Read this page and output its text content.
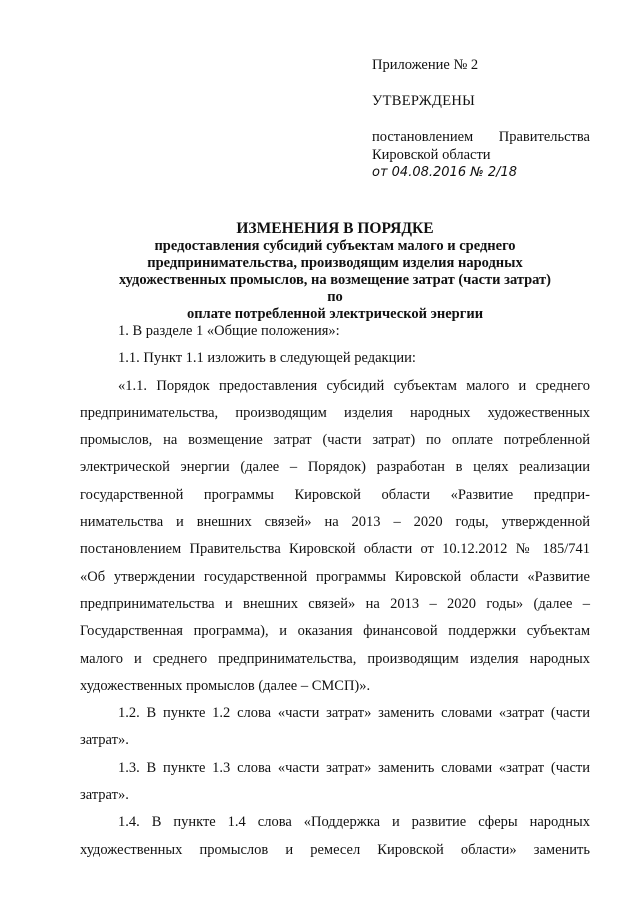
Приложение № 2

УТВЕРЖДЕНЫ

постановлением Правительства

Кировской области

от 04.08.2016 № 2/18

ИЗМЕНЕНИЯ В ПОРЯДКЕ
предоставления субсидий субъектам малого и среднего
предпринимательства, производящим изделия народных
художественных промыслов, на возмещение затрат (части затрат) по
оплате потребленной электрической энергии

1. В разделе 1 «Общие положения»:

1.1. Пункт 1.1 изложить в следующей редакции:

«1.1. Порядок предоставления субсидий субъектам малого и среднего
предпринимательства, производящим изделия народных художественных
промыслов, на возмещение затрат (части затрат) по оплате потребленной
электрической энергии (далее – Порядок) разработан в целях реализации
государственной программы Кировской области «Развитие предпри-
нимательства и внешних связей» на 2013 – 2020 годы, утвержденной
постановлением Правительства Кировской области от 10.12.2012 № 185/741
«Об утверждении государственной программы Кировской области «Развитие
предпринимательства и внешних связей» на 2013 – 2020 годы» (далее –
Государственная программа), и оказания финансовой поддержки субъектам
малого и среднего предпринимательства, производящим изделия народных
художественных промыслов (далее – СМСП)».

1.2. В пункте 1.2 слова «части затрат» заменить словами «затрат (части
затрат».

1.3. В пункте 1.3 слова «части затрат» заменить словами «затрат (части
затрат».

1.4. В пункте 1.4 слова «Поддержка и развитие сферы народных
художественных промыслов и ремесел Кировской области» заменить
